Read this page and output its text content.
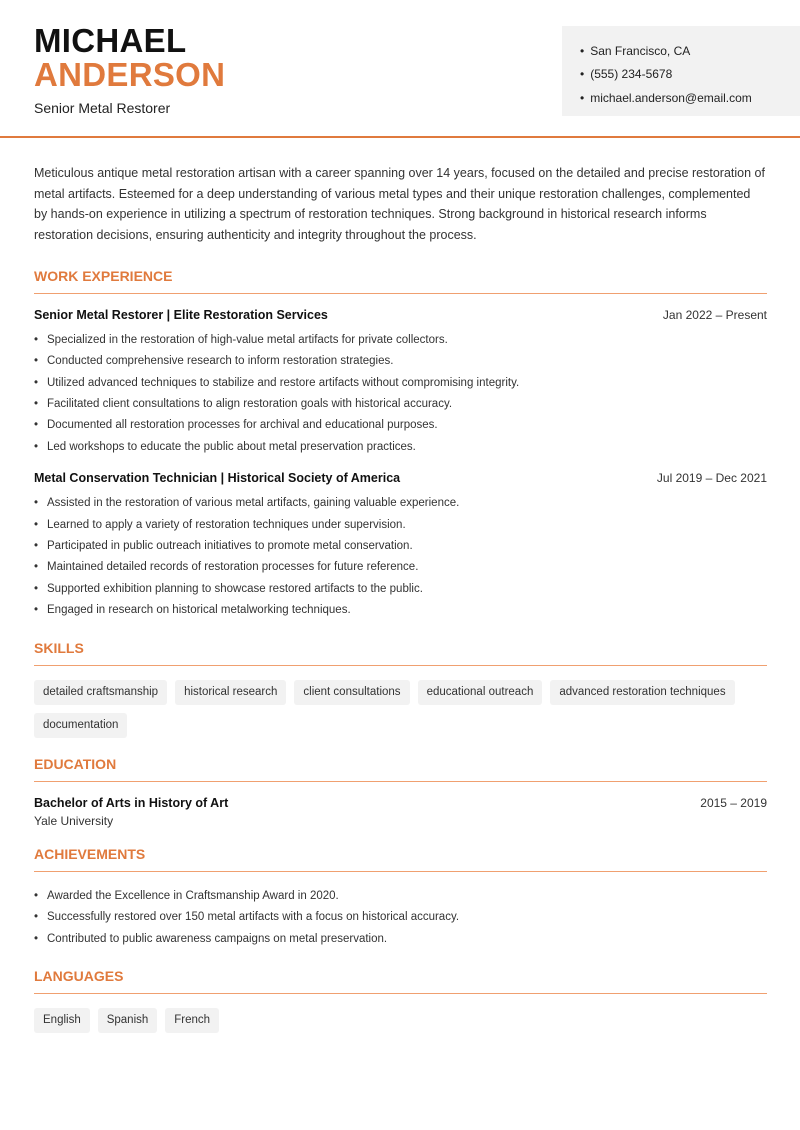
MICHAEL
ANDERSON
Senior Metal Restorer
• San Francisco, CA
• (555) 234-5678
• michael.anderson@email.com

Meticulous antique metal restoration artisan with a career spanning over 14 years, focused on the detailed and precise restoration of metal artifacts. Esteemed for a deep understanding of various metal types and their unique restoration challenges, complemented by hands-on experience in utilizing a spectrum of restoration techniques. Strong background in historical research informs restoration decisions, ensuring authenticity and integrity throughout the process.

WORK EXPERIENCE
Senior Metal Restorer | Elite Restoration Services	Jan 2022 – Present
• Specialized in the restoration of high-value metal artifacts for private collectors.
• Conducted comprehensive research to inform restoration strategies.
• Utilized advanced techniques to stabilize and restore artifacts without compromising integrity.
• Facilitated client consultations to align restoration goals with historical accuracy.
• Documented all restoration processes for archival and educational purposes.
• Led workshops to educate the public about metal preservation practices.
Metal Conservation Technician | Historical Society of America	Jul 2019 – Dec 2021
• Assisted in the restoration of various metal artifacts, gaining valuable experience.
• Learned to apply a variety of restoration techniques under supervision.
• Participated in public outreach initiatives to promote metal conservation.
• Maintained detailed records of restoration processes for future reference.
• Supported exhibition planning to showcase restored artifacts to the public.
• Engaged in research on historical metalworking techniques.
SKILLS
detailed craftsmanship	historical research	client consultations	educational outreach	advanced restoration techniques
documentation
EDUCATION
Bachelor of Arts in History of Art	2015 – 2019
Yale University
ACHIEVEMENTS
• Awarded the Excellence in Craftsmanship Award in 2020.
• Successfully restored over 150 metal artifacts with a focus on historical accuracy.
• Contributed to public awareness campaigns on metal preservation.
LANGUAGES
English	Spanish	French
